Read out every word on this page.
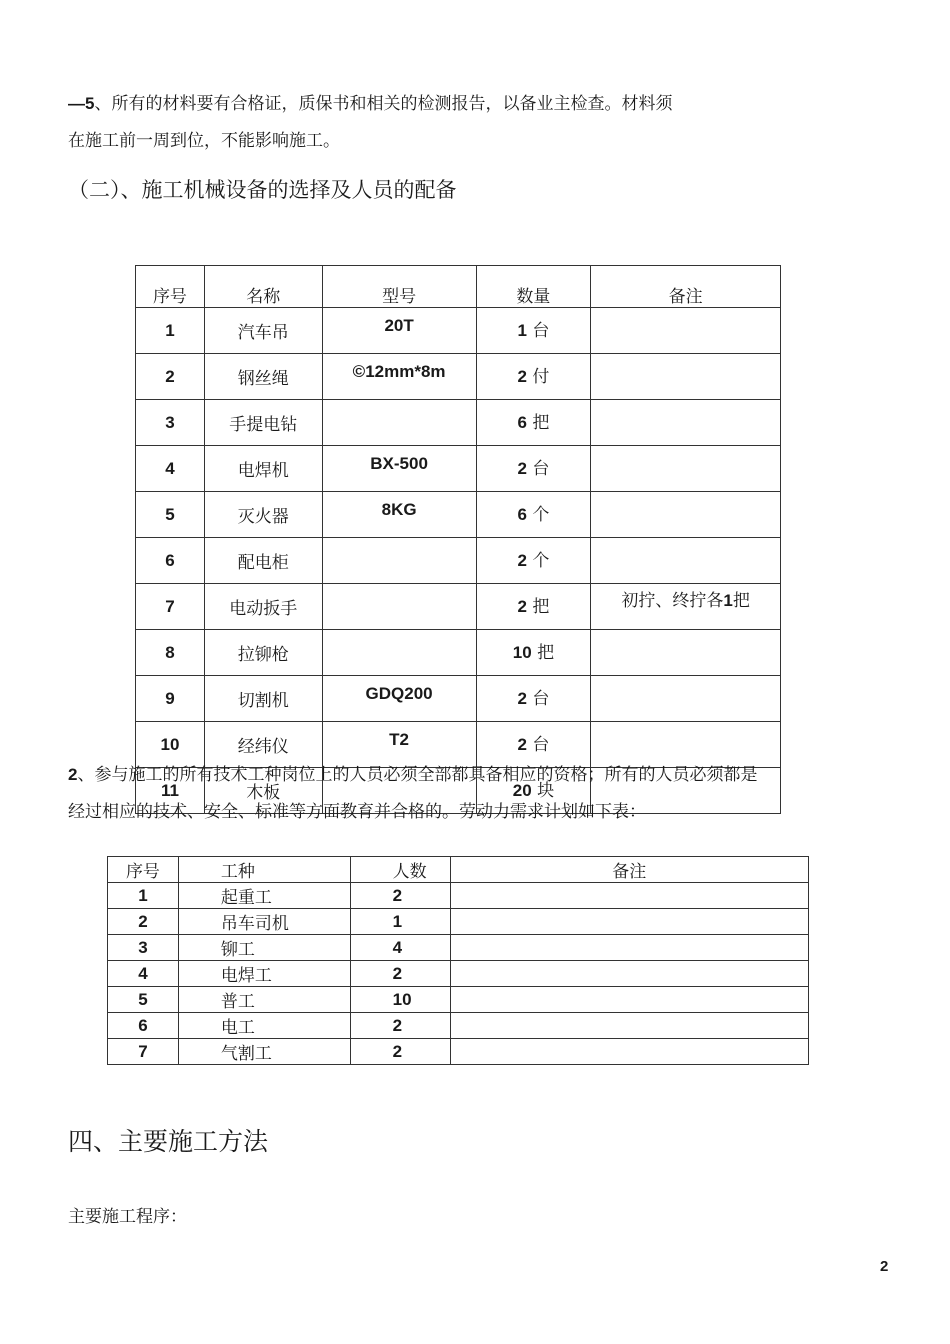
—5、所有的材料要有合格证，质保书和相关的检测报告，以备业主检查。材料须
在施工前一周到位，不能影响施工。
（二）、施工机械设备的选择及人员的配备
序号	名称	型号	数量	备注
1	汽车吊	20T	1 台	
2	钢丝绳	©12mm*8m	2 付	
3	手提电钻		6 把	
4	电焊机	BX-500	2 台	
5	灭火器	8KG	6 个	
6	配电柜		2 个	
7	电动扳手		2 把	初拧、终拧各1把
8	拉铆枪		10 把	
9	切割机	GDQ200	2 台	
10	经纬仪	T2	2 台	
11	木板		20 块	
2、参与施工的所有技术工种岗位上的人员必须全部都具备相应的资格；所有的人员必须都是
经过相应的技术、安全、标准等方面教育并合格的。劳动力需求计划如下表：
序号	工种	人数	备注
1	起重工	2	
2	吊车司机	1	
3	铆工	4	
4	电焊工	2	
5	普工	10	
6	电工	2	
7	气割工	2	
四、主要施工方法
主要施工程序：
2
